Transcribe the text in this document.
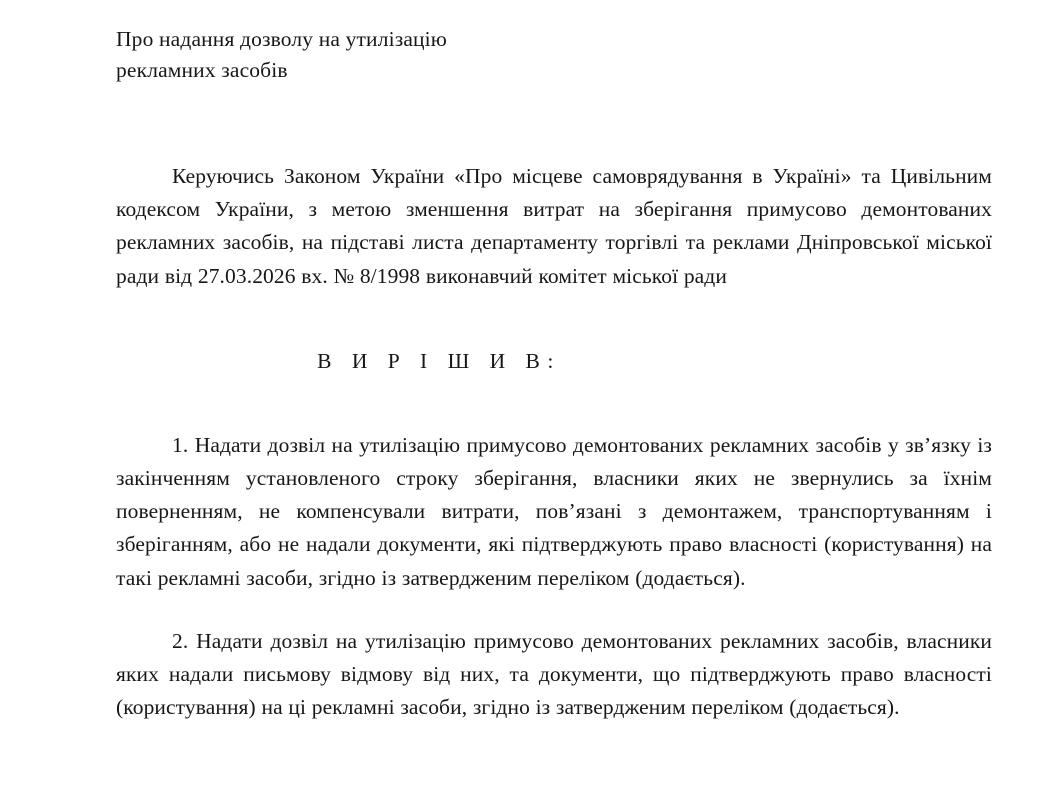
Про надання дозволу на утилізацію
рекламних засобів

Керуючись Законом України «Про місцеве самоврядування в Україні» та Цивільним кодексом України, з метою зменшення витрат на зберігання примусово демонтованих рекламних засобів, на підставі листа департаменту торгівлі та реклами Дніпровської міської ради від 27.03.2026 вх. № 8/1998 виконавчий комітет міської ради

В И Р І Ш И В:

1. Надати дозвіл на утилізацію примусово демонтованих рекламних засобів у зв’язку із закінченням установленого строку зберігання, власники яких не звернулись за їхнім поверненням, не компенсували витрати, пов’язані з демонтажем, транспортуванням і зберіганням, або не надали документи, які підтверджують право власності (користування) на такі рекламні засоби, згідно із затвердженим переліком (додається).

2. Надати дозвіл на утилізацію примусово демонтованих рекламних засобів, власники яких надали письмову відмову від них, та документи, що підтверджують право власності (користування) на ці рекламні засоби, згідно із затвердженим переліком (додається).
